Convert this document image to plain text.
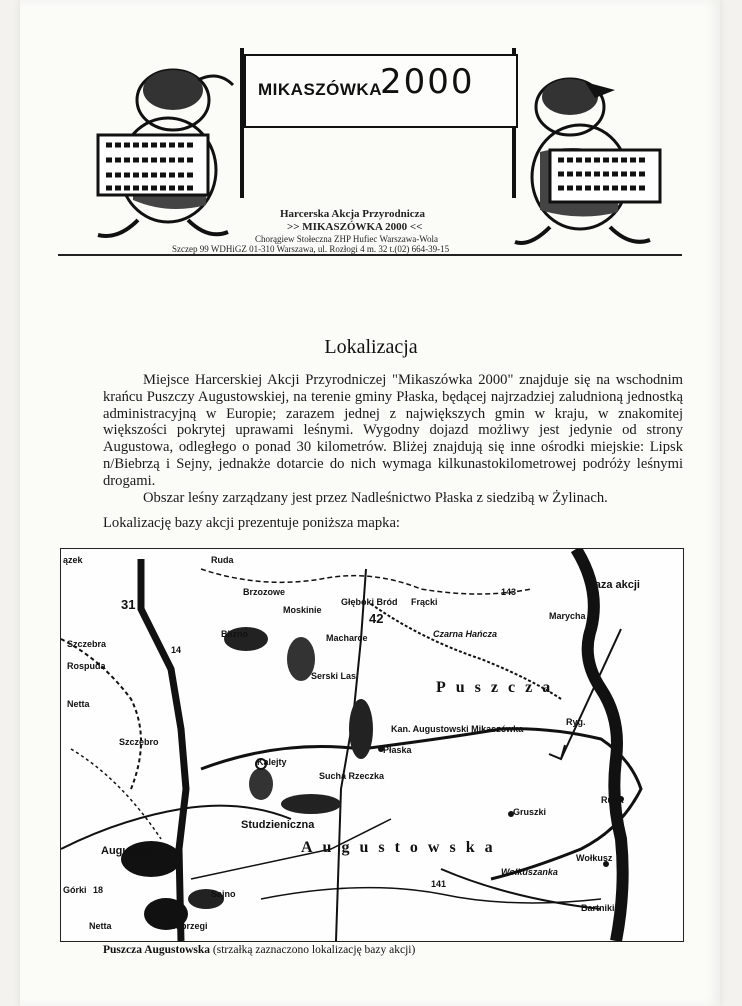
MIKASZÓWKA
2000
Harcerska Akcja Przyrodnicza
>> MIKASZÓWKA 2000 <<
Chorągiew Stołeczna ZHP Hufiec Warszawa-Wola
Szczep 99 WDHiGZ 01-310 Warszawa, ul. Rozłogi 4 m. 32 t.(02) 664-39-15
Lokalizacja

Miejsce Harcerskiej Akcji Przyrodniczej "Mikaszówka 2000" znajduje się na wschodnim krańcu Puszczy Augustowskiej, na terenie gminy Płaska, będącej najrzadziej zaludnioną jednostką administracyjną w Europie; zarazem jednej z największych gmin w kraju, w znakomitej większości pokrytej uprawami leśnymi. Wygodny dojazd możliwy jest jedynie od strony Augustowa, odległego o ponad 30 kilometrów. Bliżej znajdują się inne ośrodki miejskie: Lipsk n/Biebrzą i Sejny, jednakże dotarcie do nich wymaga kilkunastokilometrowej podróży leśnymi drogami.

Obszar leśny zarządzany jest przez Nadleśnictwo Płaska z siedzibą w Żylinach.

Lokalizację bazy akcji prezentuje poniższa mapka:
baza akcji
ązek	Ruda
31
Brzozowe
Moskinie
Głęboki Bród Frącki
143
Marycha
Szczebra
Rospuda
14
Blizno	Macharce
42
Czarna Hańcza
Netta
Serski Las
Puszcza
Kan. Augustowski Mikaszówka
Ryg.
Szczebro
Płaska
Kalejty
Sucha Rzeczka
Ruda
Gruszki
Studzieniczna
Augustów	Augustowska
Wołkusz
Wołkuszanka
141
Górki 18	Sajno
Bartniki
Netta	Białobrzegi
Puszcza Augustowska (strzałką zaznaczono lokalizację bazy akcji)
